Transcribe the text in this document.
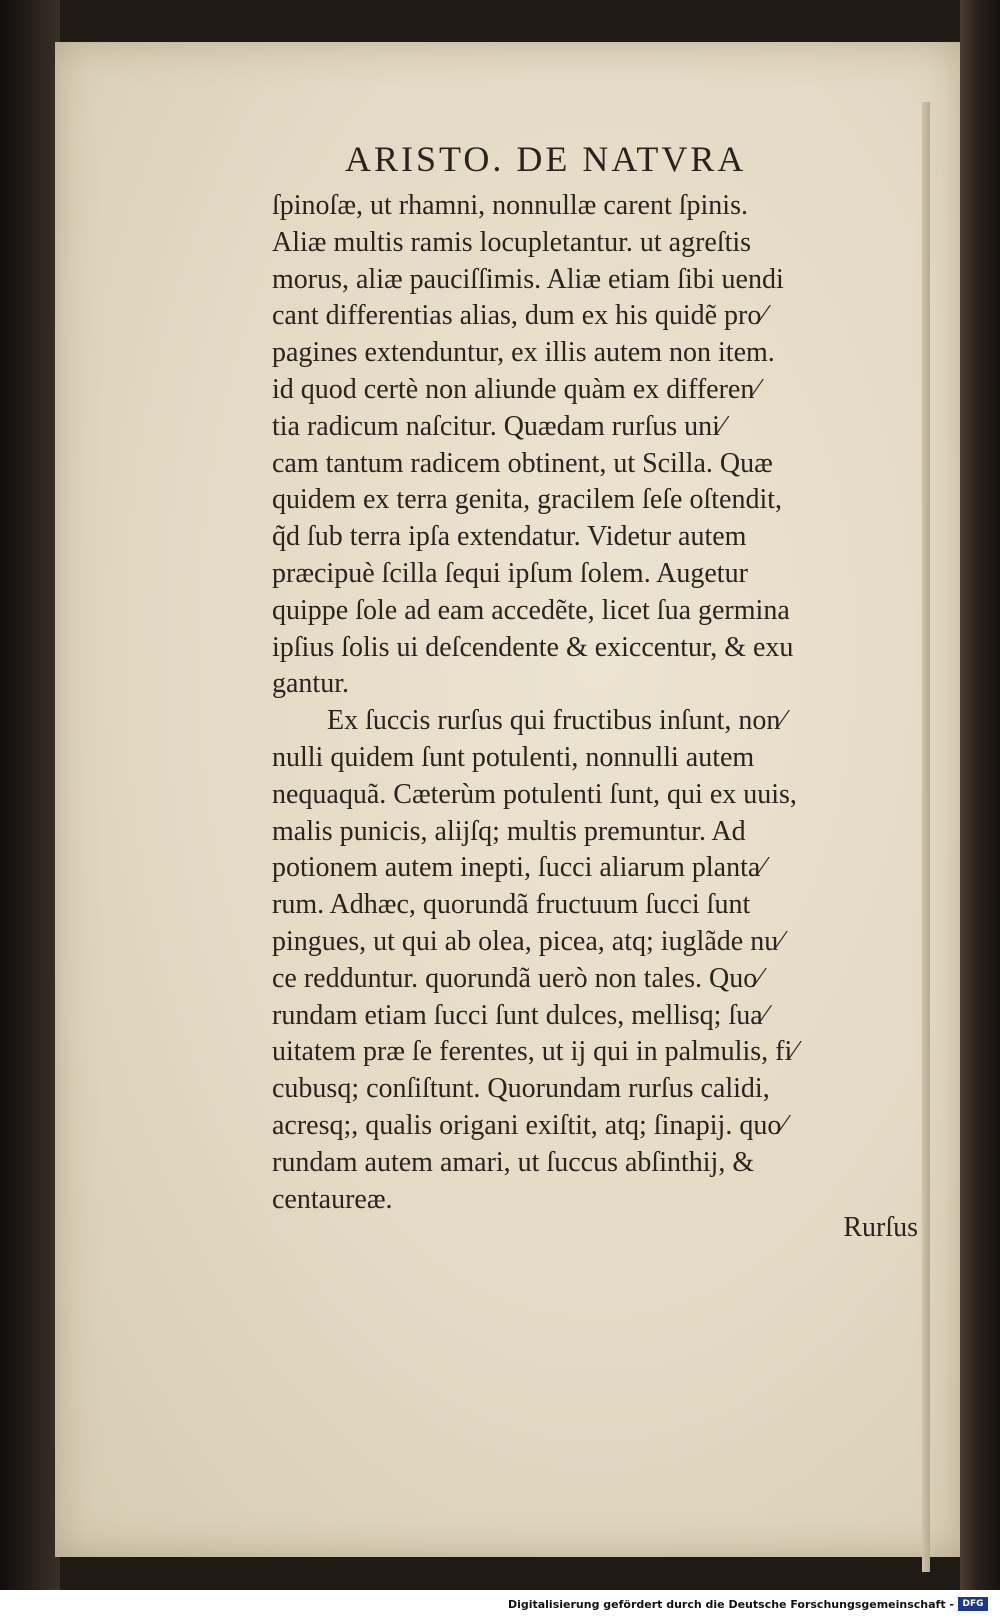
ARISTO. DE NATVRA
ſpinoſæ, ut rhamni, nonnullæ carent ſpinis.
Aliæ multis ramis locupletantur. ut agreſtis
morus, aliæ pauciſſimis. Aliæ etiam ſibi uendi
cant differentias alias, dum ex his quidẽ pro⁄
pagines extenduntur, ex illis autem non item.
id quod certè non aliunde quàm ex differen⁄
tia radicum naſcitur. Quædam rurſus uni⁄
cam tantum radicem obtinent, ut Scilla. Quæ
quidem ex terra genita, gracilem ſeſe oſtendit,
q̃d ſub terra ipſa extendatur. Videtur autem
præcipuè ſcilla ſequi ipſum ſolem. Augetur
quippe ſole ad eam accedẽte, licet ſua germina
ipſius ſolis ui deſcendente & exiccentur, & exu
gantur.
Ex ſuccis rurſus qui fructibus inſunt, non⁄
nulli quidem ſunt potulenti, nonnulli autem
nequaquã. Cæterùm potulenti ſunt, qui ex uuis,
malis punicis, alijſq; multis premuntur. Ad
potionem autem inepti, ſucci aliarum planta⁄
rum. Adhæc, quorundã fructuum ſucci ſunt
pingues, ut qui ab olea, picea, atq; iuglãde nu⁄
ce redduntur. quorundã uerò non tales. Quo⁄
rundam etiam ſucci ſunt dulces, mellisq; ſua⁄
uitatem præ ſe ferentes, ut ij qui in palmulis, fi⁄
cubusq; conſiſtunt. Quorundam rurſus calidi,
acresq;, qualis origani exiſtit, atq; ſinapij. quo⁄
rundam autem amari, ut ſuccus abſinthij, &
centaureæ.
Rurſus
Digitalisierung gefördert durch die Deutsche Forschungsgemeinschaft - DFG
